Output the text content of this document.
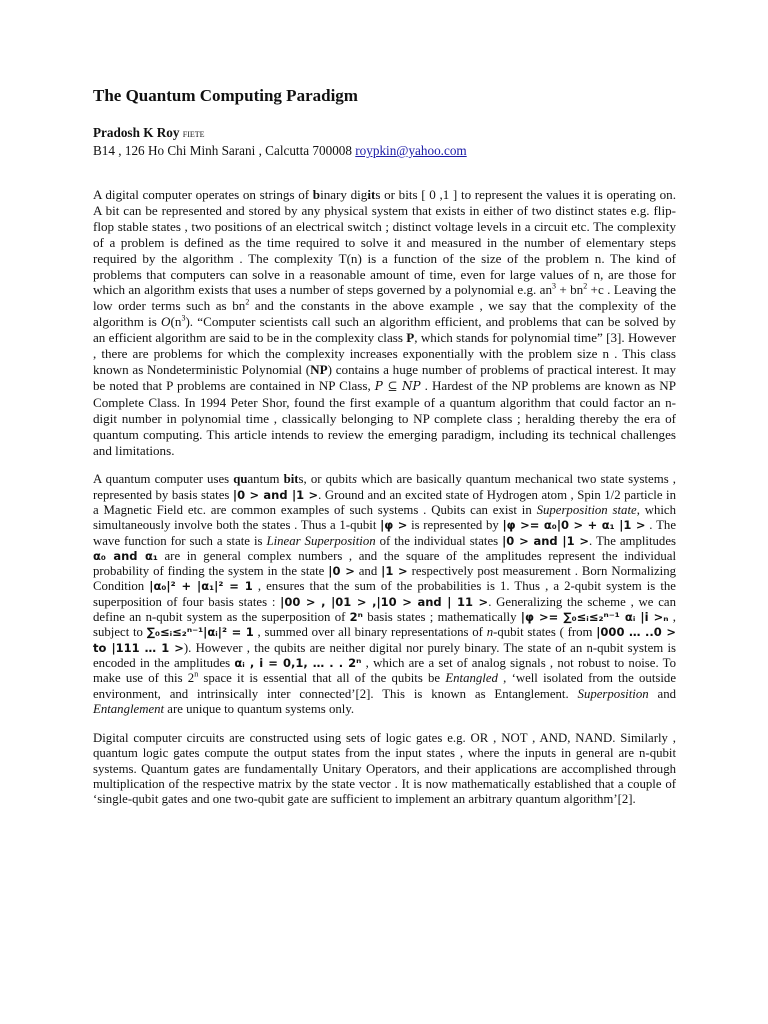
The Quantum Computing Paradigm

Pradosh K Roy FIETE

B14 , 126 Ho Chi Minh Sarani , Calcutta 700008 roypkin@yahoo.com

A digital computer operates on strings of binary digits or bits [ 0 ,1 ] to represent the values it is operating on. A bit can be represented and stored by any physical system that exists in either of two distinct states e.g. flip-flop stable states , two positions of an electrical switch ; distinct voltage levels in a circuit etc. The complexity of a problem is defined as the time required to solve it and measured in the number of elementary steps required by the algorithm . The complexity T(n) is a function of the size of the problem n. The kind of problems that computers can solve in a reasonable amount of time, even for large values of n, are those for which an algorithm exists that uses a number of steps governed by a polynomial e.g. $an^3 + bn^2 +c$ . Leaving the low order terms such as $bn^2$ and the constants in the above example , we say that the complexity of the algorithm is $O(n^3)$. “Computer scientists call such an algorithm efficient, and problems that can be solved by an efficient algorithm are said to be in the complexity class P, which stands for polynomial time” [3]. However , there are problems for which the complexity increases exponentially with the problem size n . This class known as Nondeterministic Polynomial (NP) contains a huge number of problems of practical interest. It may be noted that P problems are contained in NP Class, P ⊆ NP . Hardest of the NP problems are known as NP Complete Class. In 1994 Peter Shor, found the first example of a quantum algorithm that could factor an n-digit number in polynomial time , classically belonging to NP complete class ; heralding thereby the era of quantum computing. This article intends to review the emerging paradigm, including its technical challenges and limitations.

A quantum computer uses quantum bits, or qubits which are basically quantum mechanical two state systems , represented by basis states |0 > and |1 >. Ground and an excited state of Hydrogen atom , Spin 1/2 particle in a Magnetic Field etc. are common examples of such systems . Qubits can exist in Superposition state, which simultaneously involve both the states . Thus a 1-qubit |φ > is represented by |φ >= α₀|0 > + α₁ |1 > . The wave function for such a state is Linear Superposition of the individual states |0 > and |1 >. The amplitudes α₀ and α₁ are in general complex numbers , and the square of the amplitudes represent the individual probability of finding the system in the state |0 > and |1 > respectively post measurement . Born Normalizing Condition |α₀|² + |α₁|² = 1 , ensures that the sum of the probabilities is 1. Thus , a 2-qubit system is the superposition of four basis states : |00 > , |01 > ,|10 > and | 11 >. Generalizing the scheme , we can define an n-qubit system as the superposition of 2ⁿ basis states ; mathematically |φ >= ∑₀≤ᵢ≤₂ⁿ⁻¹ αᵢ |i >ₙ , subject to ∑₀≤ᵢ≤₂ⁿ⁻¹|αᵢ|² = 1 , summed over all binary representations of n-qubit states ( from |000 … ..0 > to |111 … 1 >). However , the qubits are neither digital nor purely binary. The state of an n-qubit system is encoded in the amplitudes αᵢ , i = 0,1, … . . 2ⁿ , which are a set of analog signals , not robust to noise. To make use of this 2$^n$ space it is essential that all of the qubits be Entangled , ‘well isolated from the outside environment, and intrinsically inter connected’[2]. This is known as Entanglement. Superposition and Entanglement are unique to quantum systems only.

Digital computer circuits are constructed using sets of logic gates e.g. OR , NOT , AND, NAND. Similarly , quantum logic gates compute the output states from the input states , where the inputs in general are n-qubit systems. Quantum gates are fundamentally Unitary Operators, and their applications are accomplished through multiplication of the respective matrix by the state vector . It is now mathematically established that a couple of ‘single-qubit gates and one two-qubit gate are sufficient to implement an arbitrary quantum algorithm’[2].
